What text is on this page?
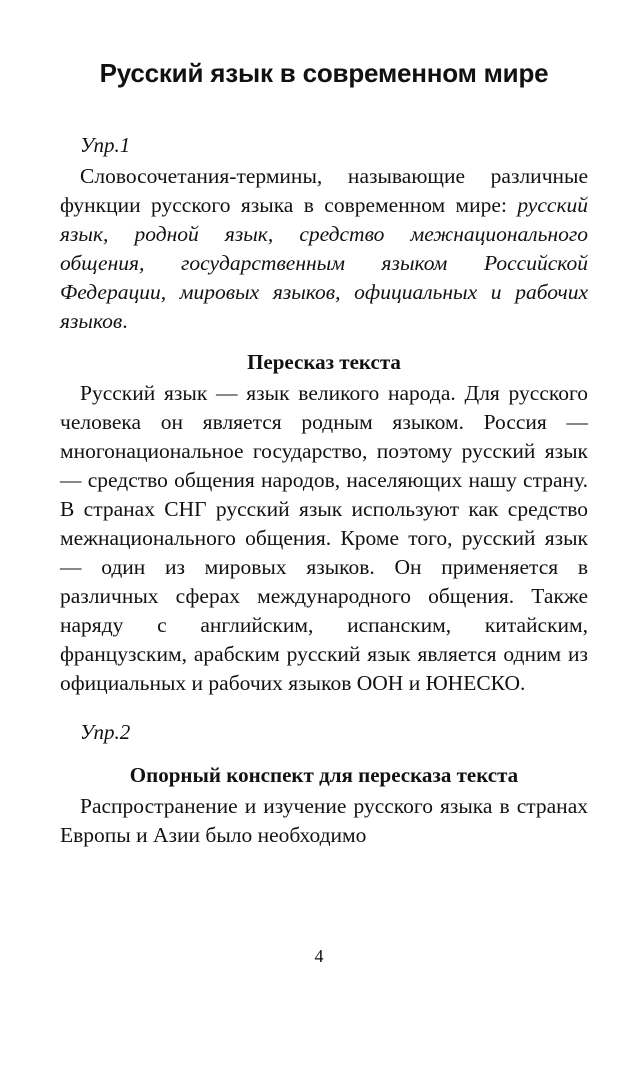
Русский язык в современном мире
Упр.1

Словосочетания-термины, называющие различные функции русского языка в современном мире: русский язык, родной язык, средство межнационального общения, государственным языком Российской Федерации, мировых языков, официальных и рабочих языков.

Пересказ текста

Русский язык — язык великого народа. Для русского человека он является родным языком. Россия — многонациональное государство, поэтому русский язык — средство общения народов, населяющих нашу страну. В странах СНГ русский язык используют как средство межнационального общения. Кроме того, русский язык — один из мировых языков. Он применяется в различных сферах международного общения. Также наряду с английским, испанским, китайским, французским, арабским русский язык является одним из официальных и рабочих языков ООН и ЮНЕСКО.

Упр.2
Опорный конспект для пересказа текста

Распространение и изучение русского языка в странах Европы и Азии было необходимо

4
